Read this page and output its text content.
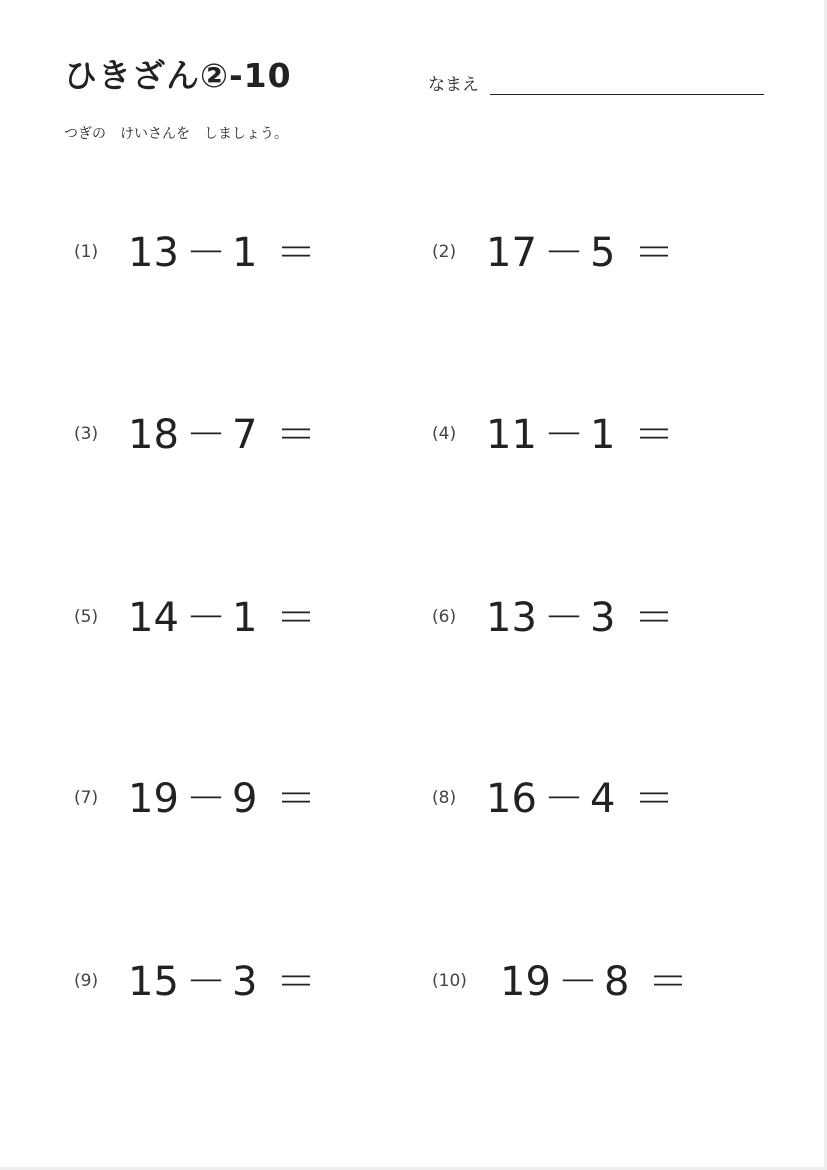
ひきざん②-10	なまえ
つぎの　けいさんを　しましょう。
(1) 13 － 1 ＝	(2) 17 － 5 ＝
(3) 18 － 7 ＝	(4) 11 － 1 ＝
(5) 14 － 1 ＝	(6) 13 － 3 ＝
(7) 19 － 9 ＝	(8) 16 － 4 ＝
(9) 15 － 3 ＝	(10) 19 － 8 ＝
